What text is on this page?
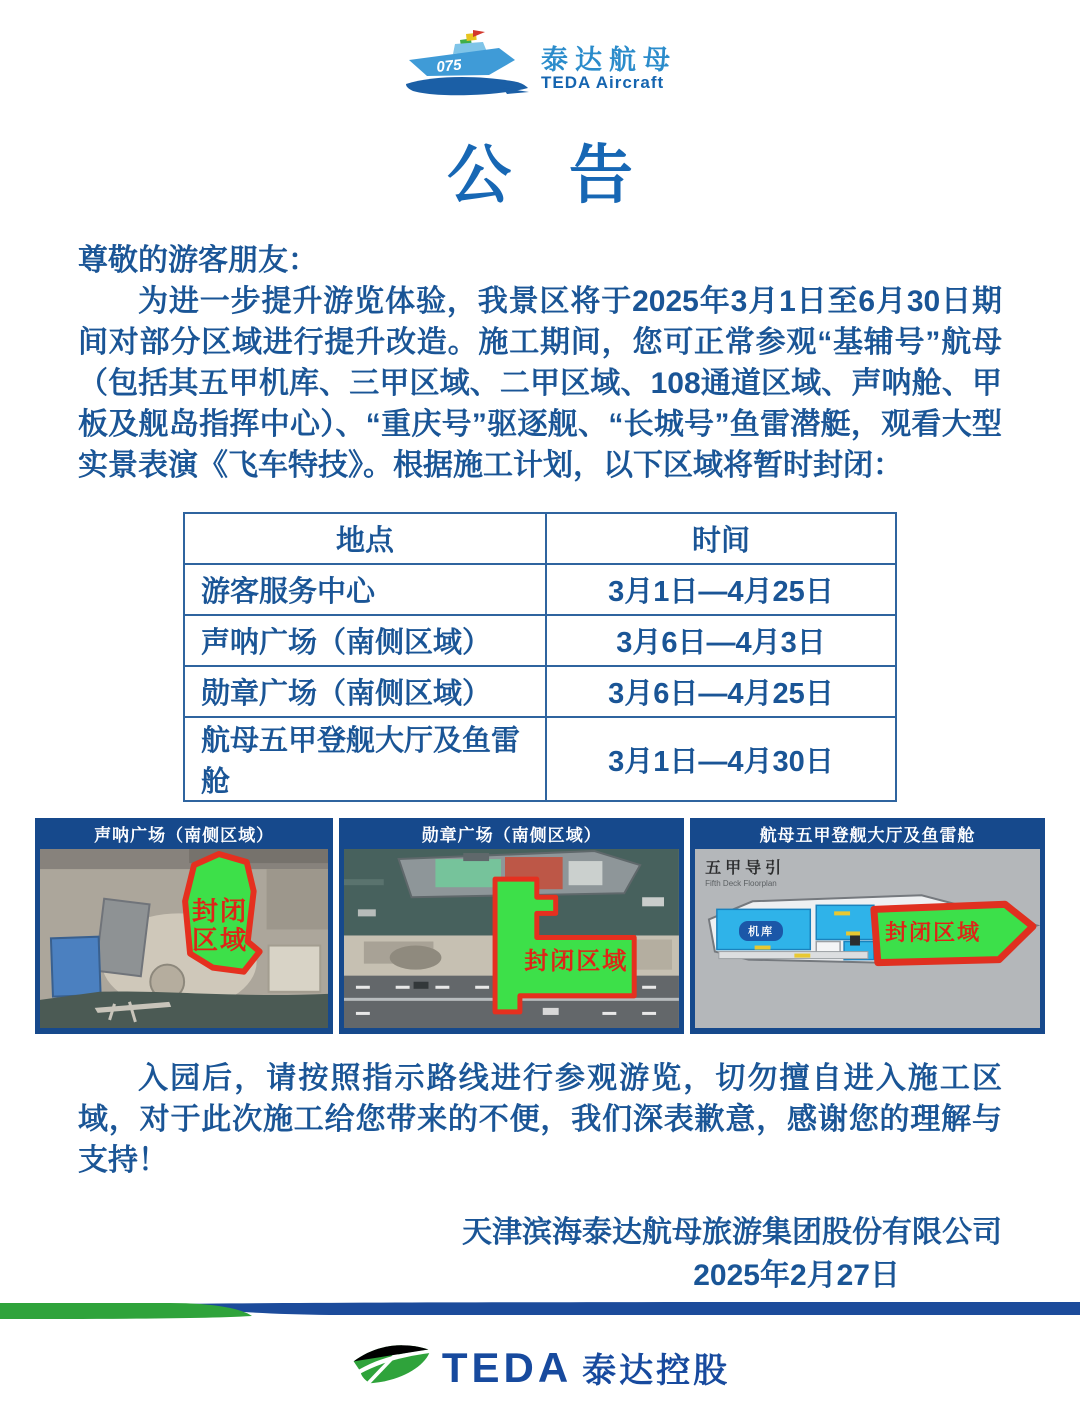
075	泰达航母
TEDA Aircraft
公 告

尊敬的游客朋友：

为进一步提升游览体验，我景区将于2025年3月1日至6月30日期间对部分区域进行提升改造。施工期间，您可正常参观“基辅号”航母（包括其五甲机库、三甲区域、二甲区域、108通道区域、声呐舱、甲板及舰岛指挥中心）、“重庆号”驱逐舰、“长城号”鱼雷潜艇，观看大型实景表演《飞车特技》。根据施工计划，以下区域将暂时封闭：

地点	时间
游客服务中心	3月1日—4月25日
声呐广场（南侧区域）	3月6日—4月3日
勋章广场（南侧区域）	3月6日—4月25日
航母五甲登舰大厅及鱼雷舱	3月1日—4月30日
声呐广场（南侧区域）
封闭区域
勋章广场（南侧区域）
封闭区域
航母五甲登舰大厅及鱼雷舱
五甲导引
Fifth Deck Floorplan
机库	封闭区域

入园后，请按照指示路线进行参观游览，切勿擅自进入施工区域，对于此次施工给您带来的不便，我们深表歉意，感谢您的理解与支持！

天津滨海泰达航母旅游集团股份有限公司
2025年2月27日
TEDA 泰达控股
